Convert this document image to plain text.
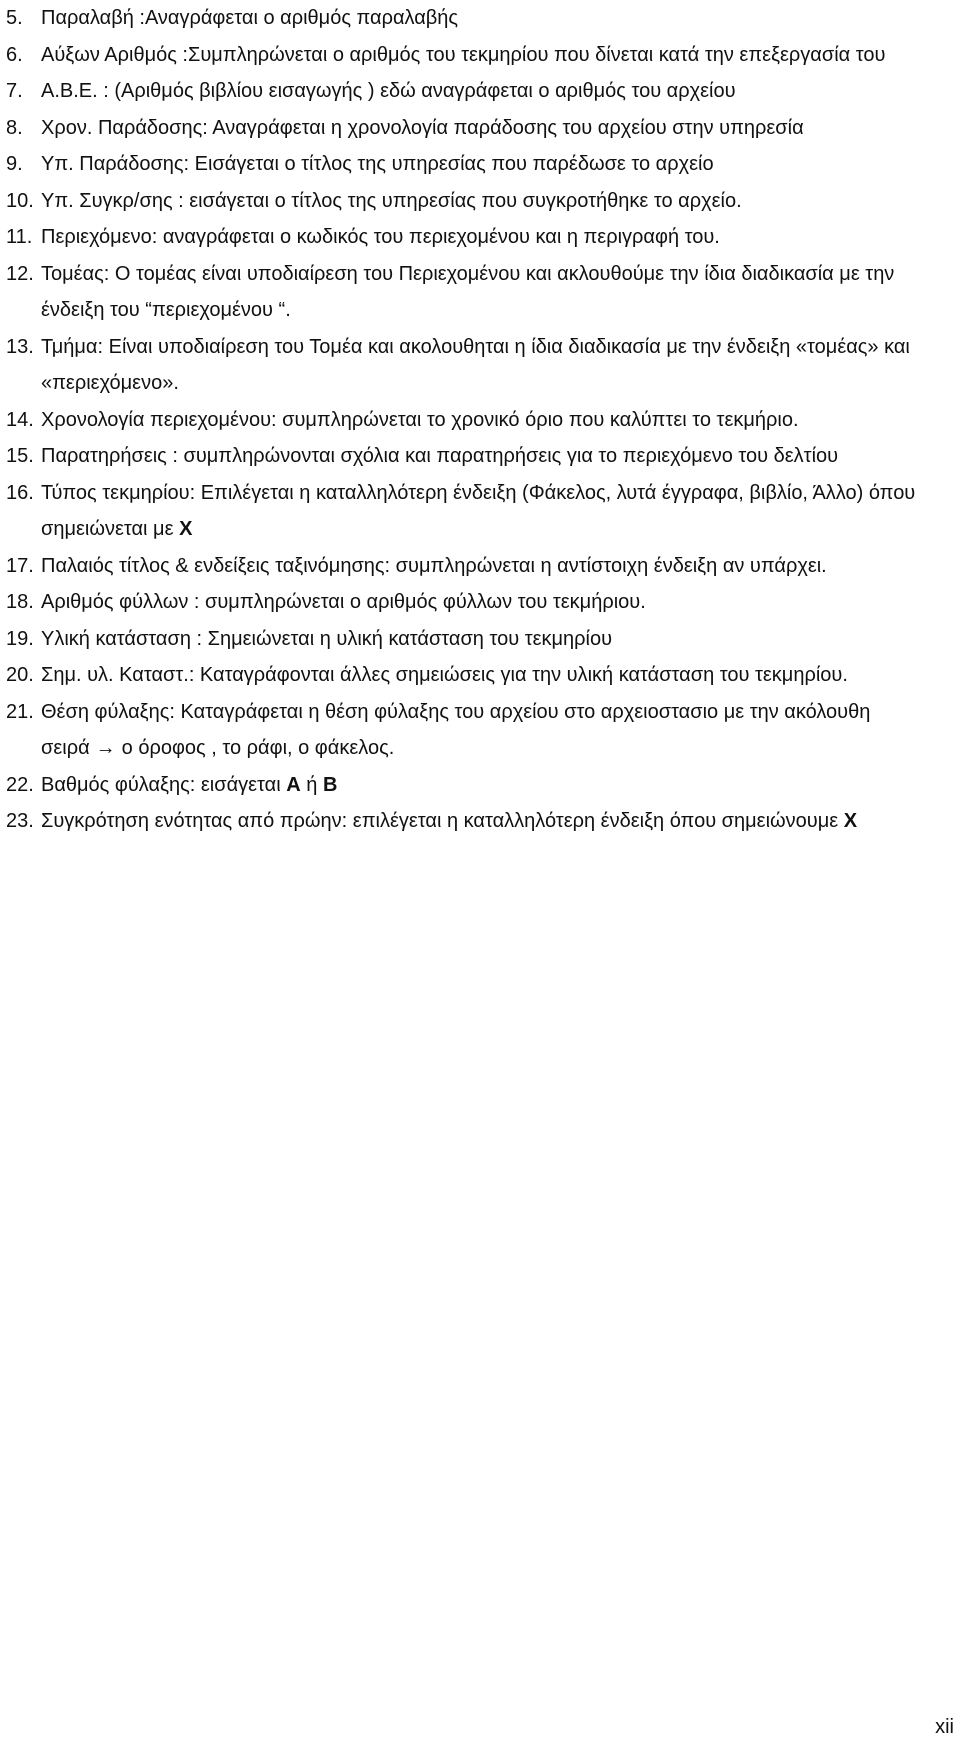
5. Παραλαβή :Αναγράφεται ο αριθμός παραλαβής
6. Αύξων Αριθμός :Συμπληρώνεται ο αριθμός του τεκμηρίου που δίνεται κατά την επεξεργασία του
7. Α.Β.Ε. : (Αριθμός βιβλίου εισαγωγής ) εδώ αναγράφεται ο αριθμός του αρχείου
8. Χρον. Παράδοσης: Αναγράφεται η χρονολογία παράδοσης του αρχείου στην υπηρεσία
9. Υπ. Παράδοσης: Εισάγεται ο τίτλος της υπηρεσίας που παρέδωσε το αρχείο
10. Υπ. Συγκρ/σης : εισάγεται ο τίτλος της υπηρεσίας που συγκροτήθηκε το αρχείο.
11. Περιεχόμενο: αναγράφεται ο κωδικός του περιεχομένου και η περιγραφή του.
12. Τομέας: Ο τομέας είναι υποδιαίρεση του Περιεχομένου και ακλουθούμε την ίδια διαδικασία με την ένδειξη του “περιεχομένου “.
13. Τμήμα: Είναι υποδιαίρεση του Τομέα και ακολουθηται η ίδια διαδικασία με την ένδειξη «τομέας» και «περιεχόμενο».
14. Χρονολογία περιεχομένου: συμπληρώνεται το χρονικό όριο που καλύπτει το τεκμήριο.
15. Παρατηρήσεις : συμπληρώνονται σχόλια και παρατηρήσεις για το περιεχόμενο του δελτίου
16. Τύπος τεκμηρίου: Επιλέγεται η καταλληλότερη ένδειξη (Φάκελος, λυτά έγγραφα, βιβλίο, Άλλο) όπου σημειώνεται με Χ
17. Παλαιός τίτλος & ενδείξεις ταξινόμησης: συμπληρώνεται η αντίστοιχη ένδειξη αν υπάρχει.
18. Αριθμός φύλλων : συμπληρώνεται ο αριθμός φύλλων του τεκμήριου.
19. Υλική κατάσταση : Σημειώνεται η υλική κατάσταση του τεκμηρίου
20. Σημ. υλ. Καταστ.: Καταγράφονται άλλες σημειώσεις για την υλική κατάσταση του τεκμηρίου.
21. Θέση φύλαξης: Καταγράφεται η θέση φύλαξης του αρχείου στο αρχειοστασιο με την ακόλουθη σειρά → ο όροφος , το ράφι, ο φάκελος.
22. Βαθμός φύλαξης: εισάγεται Α ή Β
23. Συγκρότηση ενότητας από πρώην: επιλέγεται η καταλληλότερη ένδειξη όπου σημειώνουμε Χ
xii
